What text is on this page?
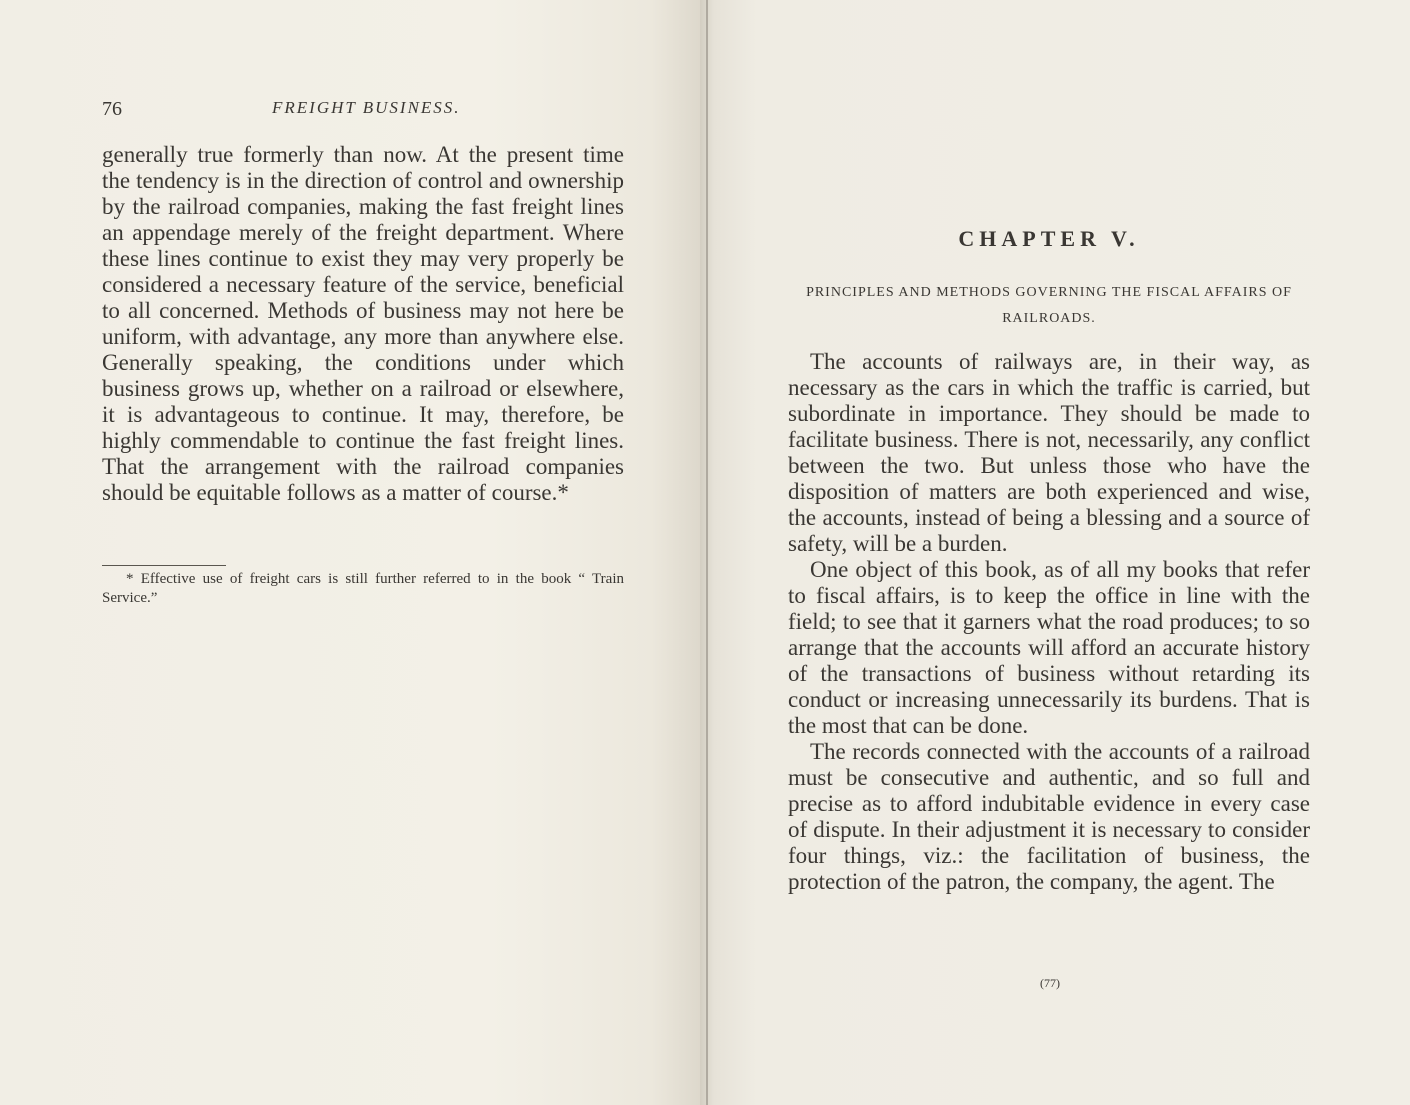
76	FREIGHT BUSINESS.

generally true formerly than now. At the present time the tendency is in the direction of control and ownership by the railroad companies, making the fast freight lines an appendage merely of the freight department. Where these lines continue to exist they may very properly be considered a necessary feature of the service, beneficial to all concerned. Methods of business may not here be uniform, with advantage, any more than anywhere else. Generally speaking, the conditions under which business grows up, whether on a railroad or elsewhere, it is advantageous to continue. It may, therefore, be highly commendable to continue the fast freight lines. That the arrangement with the railroad companies should be equitable follows as a matter of course.*

* Effective use of freight cars is still further referred to in the book “ Train Service.”

CHAPTER V.

PRINCIPLES AND METHODS GOVERNING THE FISCAL AFFAIRS OF RAILROADS.

The accounts of railways are, in their way, as necessary as the cars in which the traffic is carried, but subordinate in importance. They should be made to facilitate business. There is not, necessarily, any conflict between the two. But unless those who have the disposition of matters are both experienced and wise, the accounts, instead of being a blessing and a source of safety, will be a burden.

One object of this book, as of all my books that refer to fiscal affairs, is to keep the office in line with the field; to see that it garners what the road produces; to so arrange that the accounts will afford an accurate history of the transactions of business without retarding its conduct or increasing unnecessarily its burdens. That is the most that can be done.

The records connected with the accounts of a railroad must be consecutive and authentic, and so full and precise as to afford indubitable evidence in every case of dispute. In their adjustment it is necessary to consider four things, viz.: the facilitation of business, the protection of the patron, the company, the agent. The

(77)
